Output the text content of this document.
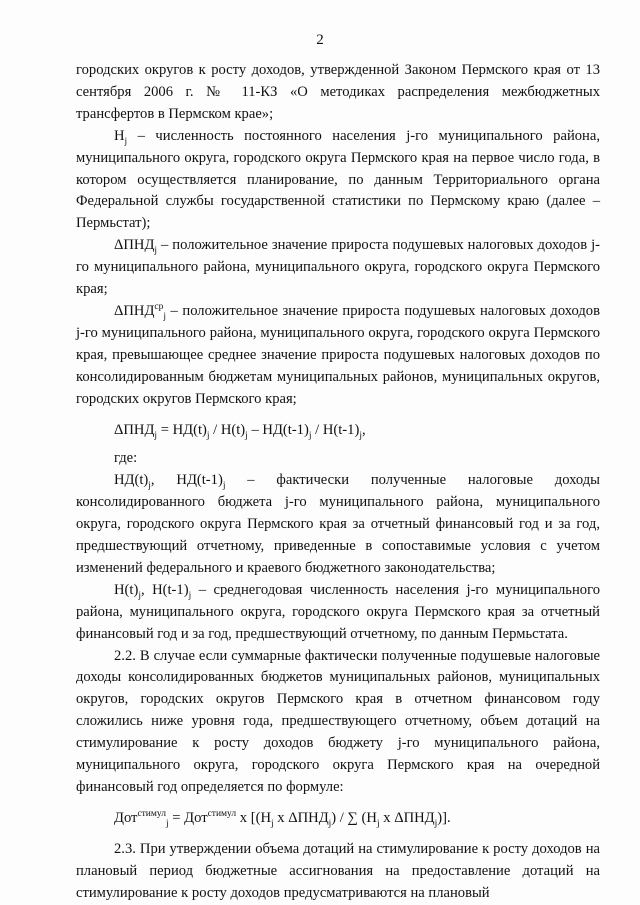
2

городских округов к росту доходов, утвержденной Законом Пермского края от 13 сентября 2006 г. № 11-КЗ «О методиках распределения межбюджетных трансфертов в Пермском крае»;

$H_j$ – численность постоянного населения j-го муниципального района, муниципального округа, городского округа Пермского края на первое число года, в котором осуществляется планирование, по данным Территориального органа Федеральной службы государственной статистики по Пермскому краю (далее – Пермьстат);

$\Delta ПНД_j$ – положительное значение прироста подушевых налоговых доходов j-го муниципального района, муниципального округа, городского округа Пермского края;

$\Delta ПНД^{ср}_j$ – положительное значение прироста подушевых налоговых доходов j-го муниципального района, муниципального округа, городского округа Пермского края, превышающее среднее значение прироста подушевых налоговых доходов по консолидированным бюджетам муниципальных районов, муниципальных округов, городских округов Пермского края;

$\Delta ПНД_j = НД(t)_j / Н(t)_j - НД(t-1)_j / Н(t-1)_j$,

где:

$НД(t)_j$, $НД(t-1)_j$ – фактически полученные налоговые доходы консолидированного бюджета j-го муниципального района, муниципального округа, городского округа Пермского края за отчетный финансовый год и за год, предшествующий отчетному, приведенные в сопоставимые условия с учетом изменений федерального и краевого бюджетного законодательства;

$Н(t)_j$, $Н(t-1)_j$ – среднегодовая численность населения j-го муниципального района, муниципального округа, городского округа Пермского края за отчетный финансовый год и за год, предшествующий отчетному, по данным Пермьстата.

2.2. В случае если суммарные фактически полученные подушевые налоговые доходы консолидированных бюджетов муниципальных районов, муниципальных округов, городских округов Пермского края в отчетном финансовом году сложились ниже уровня года, предшествующего отчетному, объем дотаций на стимулирование к росту доходов бюджету j-го муниципального района, муниципального округа, городского округа Пермского края на очередной финансовый год определяется по формуле:

Дот$^{стимул}_j$ = Дот$^{стимул}$ x [($Н_j$ x $\Delta ПНД_j$) / ∑ ($Н_j$ x $\Delta ПНД_j$)].

2.3. При утверждении объема дотаций на стимулирование к росту доходов на плановый период бюджетные ассигнования на предоставление дотаций на стимулирование к росту доходов предусматриваются на плановый
